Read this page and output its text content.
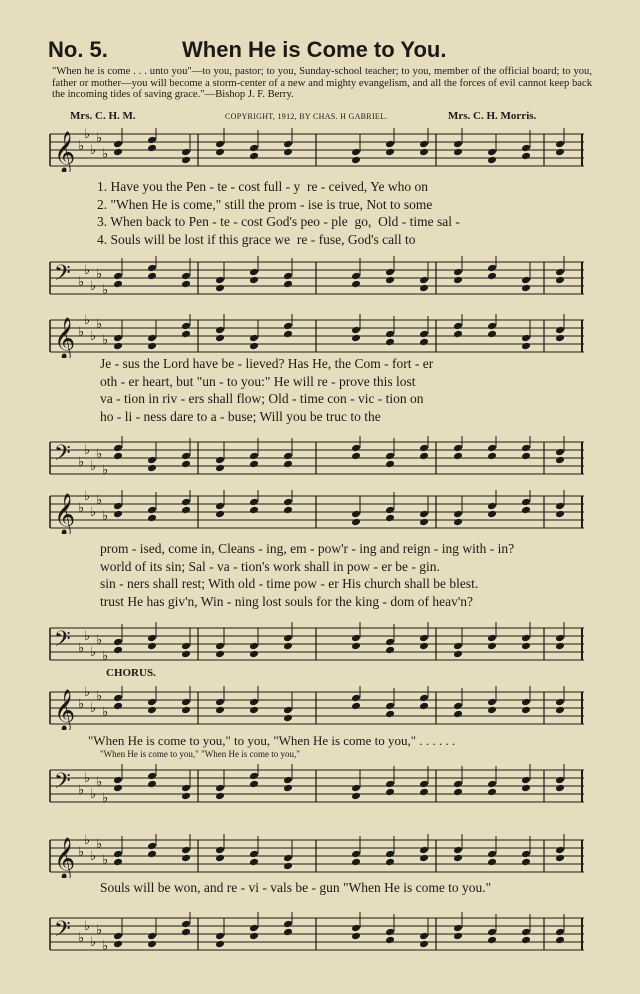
No. 5.	When He is Come to You.
"When he is come . . . unto you"—to you, pastor; to you, Sunday-school teacher; to you, member of the official board; to you, father or mother—you will become a storm-center of a new and mighty evangelism, and all the forces of evil cannot keep back the incoming tides of saving grace."—Bishop J. F. Berry.
Mrs. C. H. M.	COPYRIGHT, 1912, BY CHAS. H GABRIEL.	Mrs. C. H. Morris.
𝄞 ♭
♭
♭
♭
♭
𝄢 ♭
♭
♭
♭
♭
𝄞 ♭
♭
♭
♭
♭
𝄢 ♭
♭
♭
♭
♭
𝄞 ♭
♭
♭
♭
♭
𝄢 ♭
♭
♭
♭
♭
𝄞 ♭
♭
♭
♭
♭
𝄢 ♭
♭
♭
♭
♭
𝄞 ♭
♭
♭
♭
♭
𝄢 ♭
♭
♭
♭
♭
1. Have you the Pen - te - cost full - y  re - ceived, Ye who on
2. "When He is come," still the prom - ise is true, Not to some
3. When back to Pen - te - cost God's peo - ple  go,  Old - time sal -
4. Souls will be lost if this grace we  re - fuse, God's call to
Je - sus the Lord have be - lieved? Has He, the Com - fort - er
oth - er heart, but "un - to you:" He will re - prove this lost
va - tion in riv - ers shall flow; Old - time con - vic - tion on
ho - li - ness dare to a - buse; Will you be truc to the
prom - ised, come in, Cleans - ing, em - pow'r - ing and reign - ing with - in?
world of its sin; Sal - va - tion's work shall in pow - er be - gin.
sin - ners shall rest; With old - time pow - er His church shall be blest.
trust He has giv'n, Win - ning lost souls for the king - dom of heav'n?
CHORUS.
"When He is come to you," to you, "When He is come to you," . . . . . .
"When He is come to you," "When He is come to you,"
Souls will be won, and re - vi - vals be - gun "When He is come to you."
